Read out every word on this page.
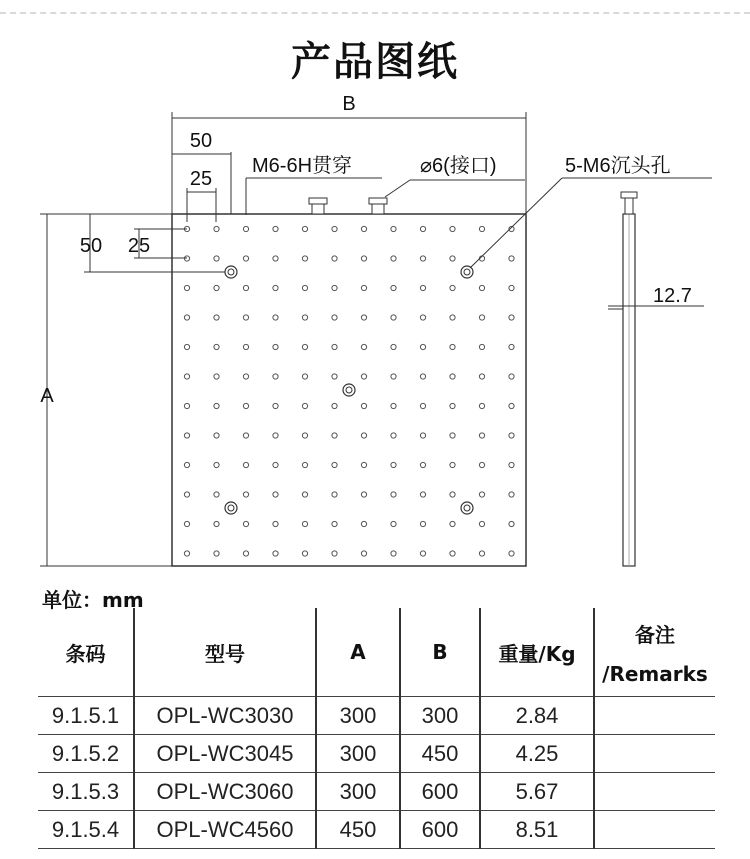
产品图纸
B
50
25
A
50 25
M6-6H贯穿	⌀6(接口)	5-M6沉头孔
12.7
单位：mm
条码	型号	A	B	重量/Kg	备注
/Remarks

9.1.5.1	OPL-WC3030	300	300	2.84	
9.1.5.2	OPL-WC3045	300	450	4.25	
9.1.5.3	OPL-WC3060	300	600	5.67	
9.1.5.4	OPL-WC4560	450	600	8.51	
